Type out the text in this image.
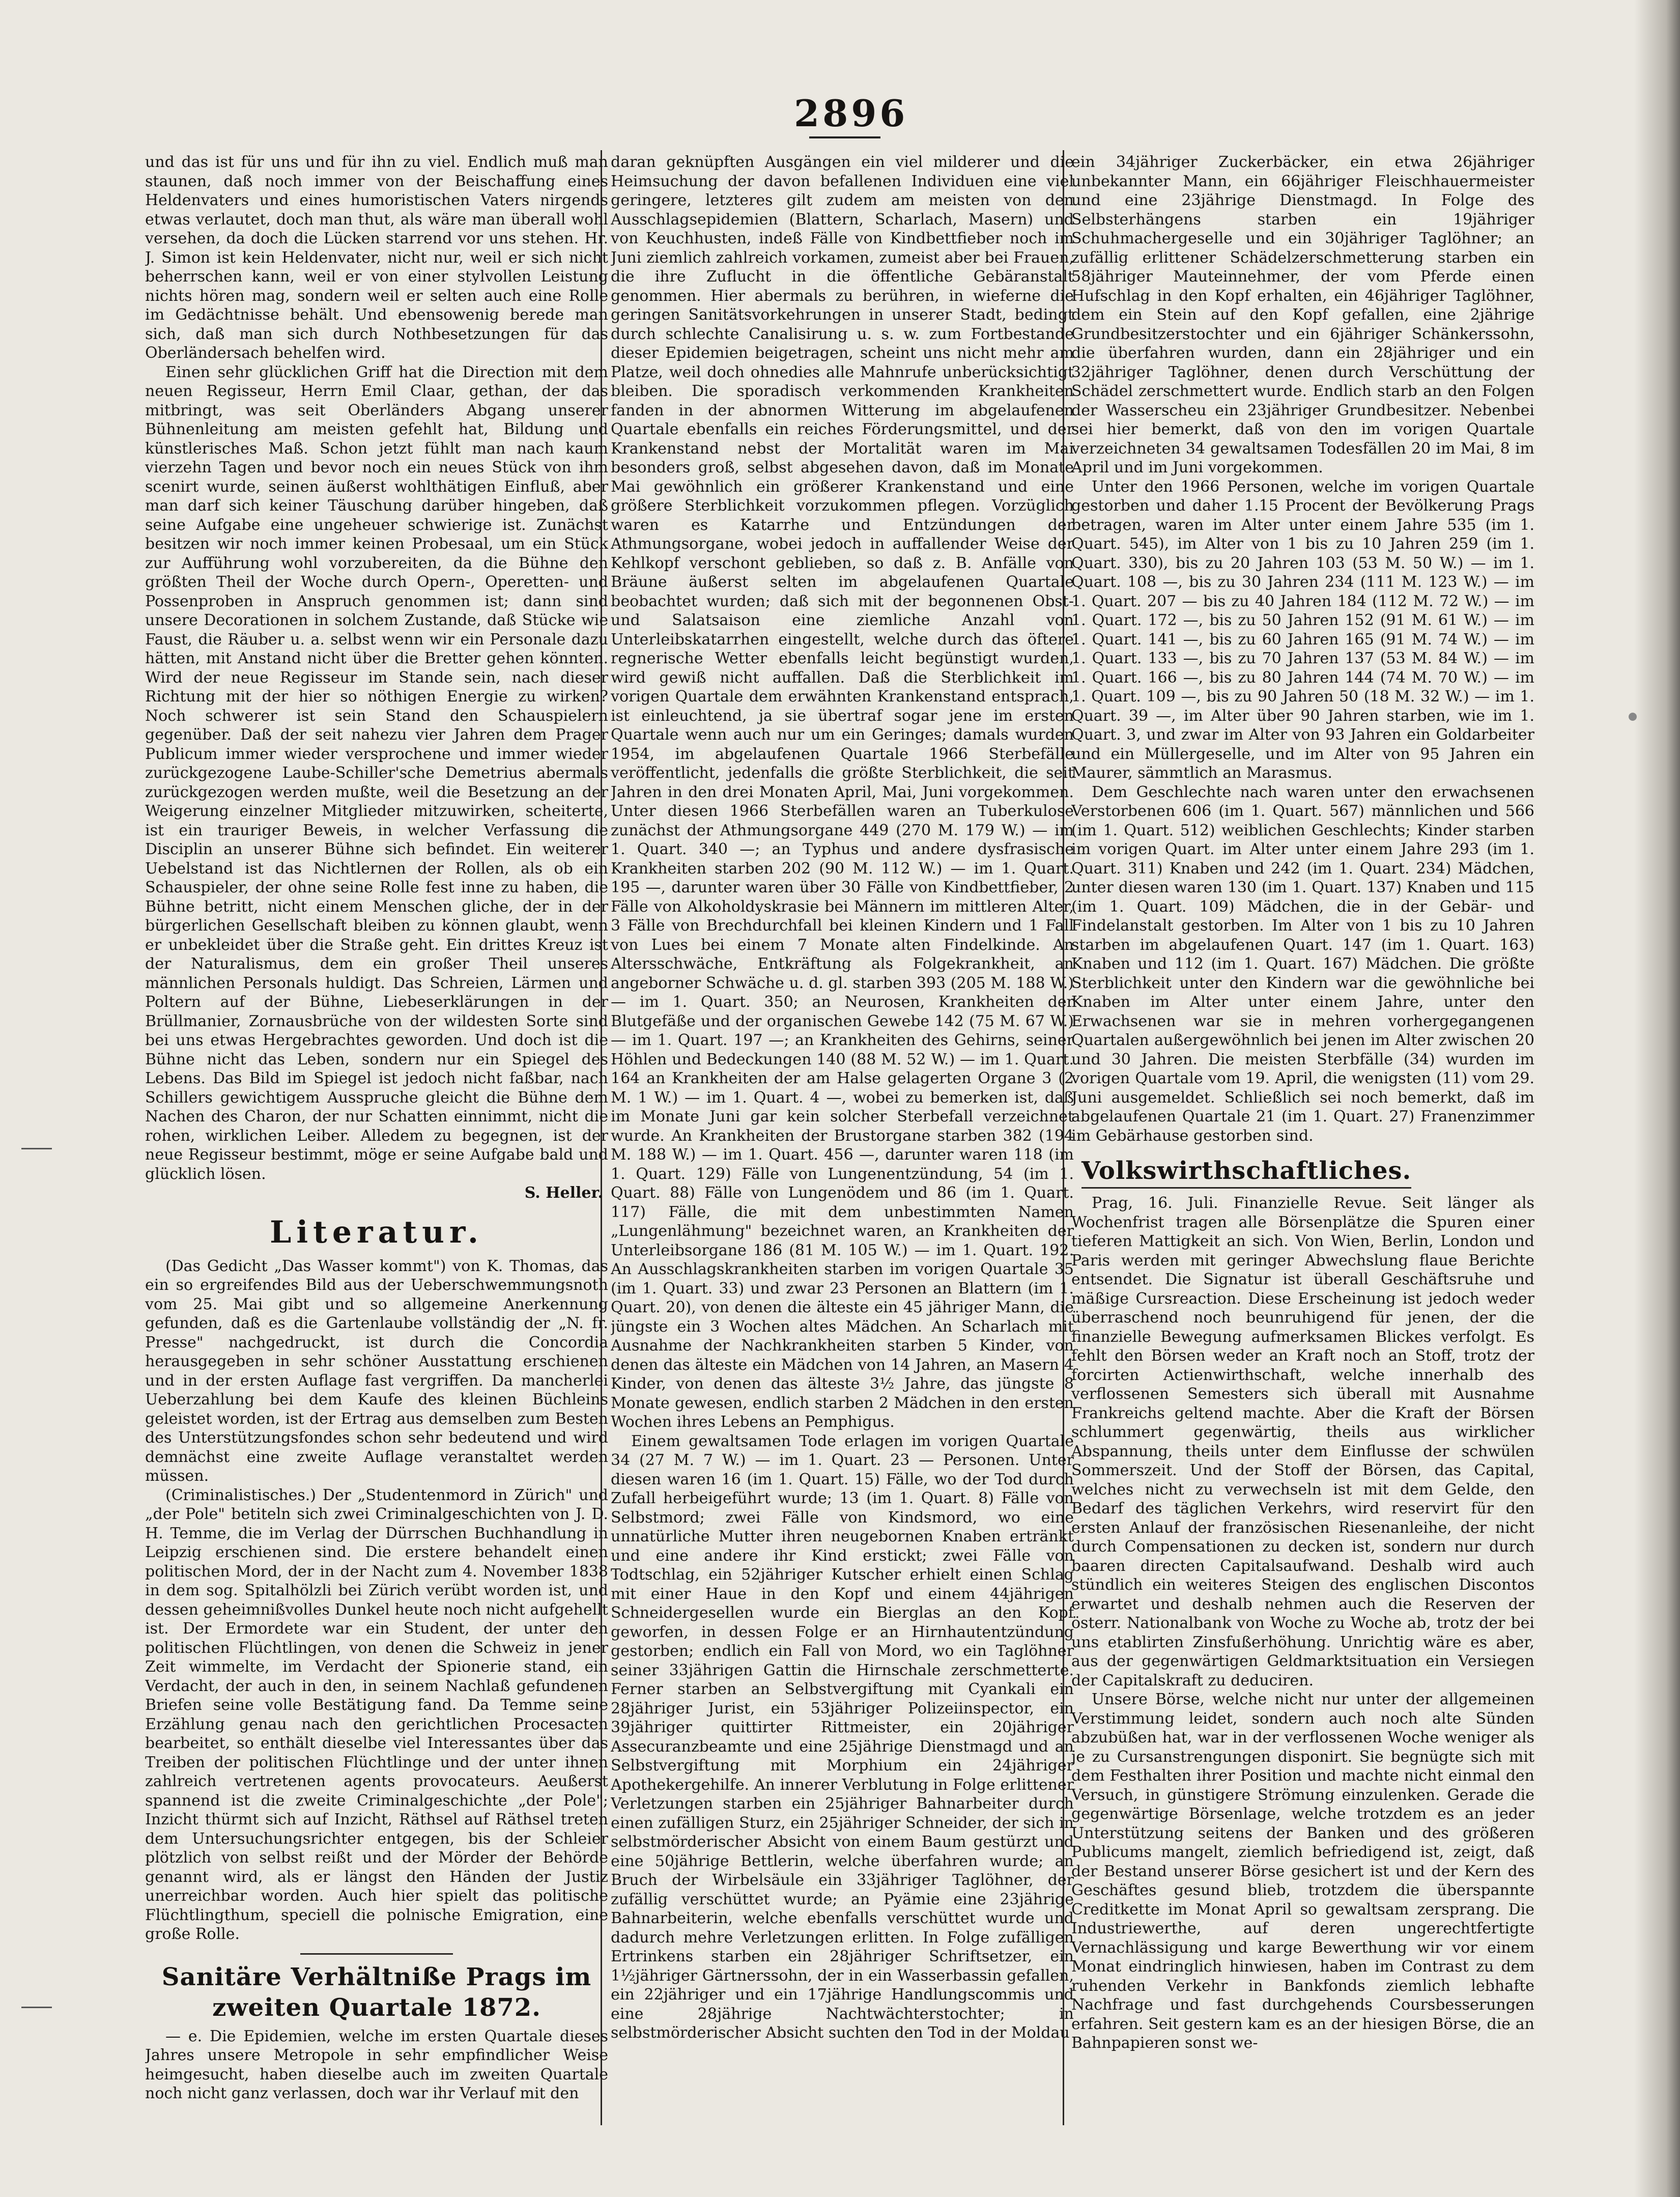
2896

und das ist für uns und für ihn zu viel. Endlich muß man staunen, daß noch immer von der Beischaffung eines Heldenvaters und eines humoristischen Vaters nirgends etwas verlautet, doch man thut, als wäre man überall wohl versehen, da doch die Lücken starrend vor uns stehen. Hr. J. Simon ist kein Heldenvater, nicht nur, weil er sich nicht beherrschen kann, weil er von einer stylvollen Leistung nichts hören mag, sondern weil er selten auch eine Rolle im Gedächtnisse behält. Und ebensowenig berede man sich, daß man sich durch Nothbesetzungen für das Oberländersach behelfen wird.

Einen sehr glücklichen Griff hat die Direction mit dem neuen Regisseur, Herrn Emil Claar, gethan, der das mitbringt, was seit Oberländers Abgang unserer Bühnenleitung am meisten gefehlt hat, Bildung und künstlerisches Maß. Schon jetzt fühlt man nach kaum vierzehn Tagen und bevor noch ein neues Stück von ihm scenirt wurde, seinen äußerst wohlthätigen Einfluß, aber man darf sich keiner Täuschung darüber hingeben, daß seine Aufgabe eine ungeheuer schwierige ist. Zunächst besitzen wir noch immer keinen Probesaal, um ein Stück zur Aufführung wohl vorzubereiten, da die Bühne den größten Theil der Woche durch Opern-, Operetten- und Possenproben in Anspruch genommen ist; dann sind unsere Decorationen in solchem Zustande, daß Stücke wie Faust, die Räuber u. a. selbst wenn wir ein Personale dazu hätten, mit Anstand nicht über die Bretter gehen könnten. Wird der neue Regisseur im Stande sein, nach dieser Richtung mit der hier so nöthigen Energie zu wirken? Noch schwerer ist sein Stand den Schauspielern gegenüber. Daß der seit nahezu vier Jahren dem Prager Publicum immer wieder versprochene und immer wieder zurückgezogene Laube-Schiller'sche Demetrius abermals zurückgezogen werden mußte, weil die Besetzung an der Weigerung einzelner Mitglieder mitzuwirken, scheiterte, ist ein trauriger Beweis, in welcher Verfassung die Disciplin an unserer Bühne sich befindet. Ein weiterer Uebelstand ist das Nichtlernen der Rollen, als ob ein Schauspieler, der ohne seine Rolle fest inne zu haben, die Bühne betritt, nicht einem Menschen gliche, der in der bürgerlichen Gesellschaft bleiben zu können glaubt, wenn er unbekleidet über die Straße geht. Ein drittes Kreuz ist der Naturalismus, dem ein großer Theil unseres männlichen Personals huldigt. Das Schreien, Lärmen und Poltern auf der Bühne, Liebeserklärungen in der Brüllmanier, Zornausbrüche von der wildesten Sorte sind bei uns etwas Hergebrachtes geworden. Und doch ist die Bühne nicht das Leben, sondern nur ein Spiegel des Lebens. Das Bild im Spiegel ist jedoch nicht faßbar, nach Schillers gewichtigem Ausspruche gleicht die Bühne dem Nachen des Charon, der nur Schatten einnimmt, nicht die rohen, wirklichen Leiber. Alledem zu begegnen, ist der neue Regisseur bestimmt, möge er seine Aufgabe bald und glücklich lösen.

S. Heller.
Literatur.

(Das Gedicht „Das Wasser kommt") von K. Thomas, das ein so ergreifendes Bild aus der Ueberschwemmungsnoth vom 25. Mai gibt und so allgemeine Anerkennung gefunden, daß es die Gartenlaube vollständig der „N. fr. Presse" nachgedruckt, ist durch die Concordia herausgegeben in sehr schöner Ausstattung erschienen und in der ersten Auflage fast vergriffen. Da mancherlei Ueberzahlung bei dem Kaufe des kleinen Büchleins geleistet worden, ist der Ertrag aus demselben zum Besten des Unterstützungsfondes schon sehr bedeutend und wird demnächst eine zweite Auflage veranstaltet werden müssen.

(Criminalistisches.) Der „Studentenmord in Zürich" und „der Pole" betiteln sich zwei Criminalgeschichten von J. D. H. Temme, die im Verlag der Dürrschen Buchhandlung in Leipzig erschienen sind. Die erstere behandelt einen politischen Mord, der in der Nacht zum 4. November 1838 in dem sog. Spitalhölzli bei Zürich verübt worden ist, und dessen geheimnißvolles Dunkel heute noch nicht aufgehellt ist. Der Ermordete war ein Student, der unter den politischen Flüchtlingen, von denen die Schweiz in jener Zeit wimmelte, im Verdacht der Spionerie stand, ein Verdacht, der auch in den, in seinem Nachlaß gefundenen Briefen seine volle Bestätigung fand. Da Temme seine Erzählung genau nach den gerichtlichen Procesacten bearbeitet, so enthält dieselbe viel Interessantes über das Treiben der politischen Flüchtlinge und der unter ihnen zahlreich vertretenen agents provocateurs. Aeußerst spannend ist die zweite Criminalgeschichte „der Pole"; Inzicht thürmt sich auf Inzicht, Räthsel auf Räthsel treten dem Untersuchungsrichter entgegen, bis der Schleier plötzlich von selbst reißt und der Mörder der Behörde genannt wird, als er längst den Händen der Justiz unerreichbar worden. Auch hier spielt das politische Flüchtlingthum, speciell die polnische Emigration, eine große Rolle.

Sanitäre Verhältniße Prags im zweiten Quartale 1872.

— e. Die Epidemien, welche im ersten Quartale dieses Jahres unsere Metropole in sehr empfindlicher Weise heimgesucht, haben dieselbe auch im zweiten Quartale noch nicht ganz verlassen, doch war ihr Verlauf mit den

daran geknüpften Ausgängen ein viel milderer und die Heimsuchung der davon befallenen Individuen eine viel geringere, letzteres gilt zudem am meisten von den Ausschlagsepidemien (Blattern, Scharlach, Masern) und von Keuchhusten, indeß Fälle von Kindbettfieber noch im Juni ziemlich zahlreich vorkamen, zumeist aber bei Frauen, die ihre Zuflucht in die öffentliche Gebäranstalt genommen. Hier abermals zu berühren, in wieferne die geringen Sanitätsvorkehrungen in unserer Stadt, bedingt durch schlechte Canalisirung u. s. w. zum Fortbestande dieser Epidemien beigetragen, scheint uns nicht mehr am Platze, weil doch ohnedies alle Mahnrufe unberücksichtigt bleiben. Die sporadisch verkommenden Krankheiten fanden in der abnormen Witterung im abgelaufenen Quartale ebenfalls ein reiches Förderungsmittel, und der Krankenstand nebst der Mortalität waren im Mai besonders groß, selbst abgesehen davon, daß im Monate Mai gewöhnlich ein größerer Krankenstand und eine größere Sterblichkeit vorzukommen pflegen. Vorzüglich waren es Katarrhe und Entzündungen der Athmungsorgane, wobei jedoch in auffallender Weise der Kehlkopf verschont geblieben, so daß z. B. Anfälle von Bräune äußerst selten im abgelaufenen Quartale beobachtet wurden; daß sich mit der begonnenen Obst- und Salatsaison eine ziemliche Anzahl von Unterleibskatarrhen eingestellt, welche durch das öftere regnerische Wetter ebenfalls leicht begünstigt wurden, wird gewiß nicht auffallen. Daß die Sterblichkeit im vorigen Quartale dem erwähnten Krankenstand entsprach, ist einleuchtend, ja sie übertraf sogar jene im ersten Quartale wenn auch nur um ein Geringes; damals wurden 1954, im abgelaufenen Quartale 1966 Sterbefälle veröffentlicht, jedenfalls die größte Sterblichkeit, die seit Jahren in den drei Monaten April, Mai, Juni vorgekommen. Unter diesen 1966 Sterbefällen waren an Tuberkulose zunächst der Athmungsorgane 449 (270 M. 179 W.) — im 1. Quart. 340 —; an Typhus und andere dysfrasische Krankheiten starben 202 (90 M. 112 W.) — im 1. Quart. 195 —, darunter waren über 30 Fälle von Kindbettfieber, 2 Fälle von Alkoholdyskrasie bei Männern im mittleren Alter, 3 Fälle von Brechdurchfall bei kleinen Kindern und 1 Fall von Lues bei einem 7 Monate alten Findelkinde. An Altersschwäche, Entkräftung als Folgekrankheit, an angeborner Schwäche u. d. gl. starben 393 (205 M. 188 W.) — im 1. Quart. 350; an Neurosen, Krankheiten der Blutgefäße und der organischen Gewebe 142 (75 M. 67 W.) — im 1. Quart. 197 —; an Krankheiten des Gehirns, seiner Höhlen und Bedeckungen 140 (88 M. 52 W.) — im 1. Quart. 164 an Krankheiten der am Halse gelagerten Organe 3 (2 M. 1 W.) — im 1. Quart. 4 —, wobei zu bemerken ist, daß im Monate Juni gar kein solcher Sterbefall verzeichnet wurde. An Krankheiten der Brustorgane starben 382 (194 M. 188 W.) — im 1. Quart. 456 —, darunter waren 118 (im 1. Quart. 129) Fälle von Lungenentzündung, 54 (im 1. Quart. 88) Fälle von Lungenödem und 86 (im 1. Quart. 117) Fälle, die mit dem unbestimmten Namen „Lungenlähmung" bezeichnet waren, an Krankheiten der Unterleibsorgane 186 (81 M. 105 W.) — im 1. Quart. 192. An Ausschlagskrankheiten starben im vorigen Quartale 35 (im 1. Quart. 33) und zwar 23 Personen an Blattern (im 1. Quart. 20), von denen die älteste ein 45 jähriger Mann, die jüngste ein 3 Wochen altes Mädchen. An Scharlach mit Ausnahme der Nachkrankheiten starben 5 Kinder, von denen das älteste ein Mädchen von 14 Jahren, an Masern 4 Kinder, von denen das älteste 3½ Jahre, das jüngste 8 Monate gewesen, endlich starben 2 Mädchen in den ersten Wochen ihres Lebens an Pemphigus.

Einem gewaltsamen Tode erlagen im vorigen Quartale 34 (27 M. 7 W.) — im 1. Quart. 23 — Personen. Unter diesen waren 16 (im 1. Quart. 15) Fälle, wo der Tod durch Zufall herbeigeführt wurde; 13 (im 1. Quart. 8) Fälle von Selbstmord; zwei Fälle von Kindsmord, wo eine unnatürliche Mutter ihren neugebornen Knaben ertränkt und eine andere ihr Kind erstickt; zwei Fälle von Todtschlag, ein 52jähriger Kutscher erhielt einen Schlag mit einer Haue in den Kopf und einem 44jährigen Schneidergesellen wurde ein Bierglas an den Kopf geworfen, in dessen Folge er an Hirnhautentzündung gestorben; endlich ein Fall von Mord, wo ein Taglöhner seiner 33jährigen Gattin die Hirnschale zerschmetterte. Ferner starben an Selbstvergiftung mit Cyankali ein 28jähriger Jurist, ein 53jähriger Polizeiinspector, ein 39jähriger quittirter Rittmeister, ein 20jähriger Assecuranzbeamte und eine 25jährige Dienstmagd und an Selbstvergiftung mit Morphium ein 24jähriger Apothekergehilfe. An innerer Verblutung in Folge erlittener Verletzungen starben ein 25jähriger Bahnarbeiter durch einen zufälligen Sturz, ein 25jähriger Schneider, der sich in selbstmörderischer Absicht von einem Baum gestürzt und eine 50jährige Bettlerin, welche überfahren wurde; an Bruch der Wirbelsäule ein 33jähriger Taglöhner, der zufällig verschüttet wurde; an Pyämie eine 23jährige Bahnarbeiterin, welche ebenfalls verschüttet wurde und dadurch mehre Verletzungen erlitten. In Folge zufälligen Ertrinkens starben ein 28jähriger Schriftsetzer, ein 1½jähriger Gärtnerssohn, der in ein Wasserbassin gefallen, ein 22jähriger und ein 17jährige Handlungscommis und eine 28jährige Nachtwächterstochter; in selbstmörderischer Absicht suchten den Tod in der Moldau

ein 34jähriger Zuckerbäcker, ein etwa 26jähriger unbekannter Mann, ein 66jähriger Fleischhauermeister und eine 23jährige Dienstmagd. In Folge des Selbsterhängens starben ein 19jähriger Schuhmachergeselle und ein 30jähriger Taglöhner; an zufällig erlittener Schädelzerschmetterung starben ein 58jähriger Mauteinnehmer, der vom Pferde einen Hufschlag in den Kopf erhalten, ein 46jähriger Taglöhner, dem ein Stein auf den Kopf gefallen, eine 2jährige Grundbesitzerstochter und ein 6jähriger Schänkerssohn, die überfahren wurden, dann ein 28jähriger und ein 32jähriger Taglöhner, denen durch Verschüttung der Schädel zerschmettert wurde. Endlich starb an den Folgen der Wasserscheu ein 23jähriger Grundbesitzer. Nebenbei sei hier bemerkt, daß von den im vorigen Quartale verzeichneten 34 gewaltsamen Todesfällen 20 im Mai, 8 im April und im Juni vorgekommen.

Unter den 1966 Personen, welche im vorigen Quartale gestorben und daher 1.15 Procent der Bevölkerung Prags betragen, waren im Alter unter einem Jahre 535 (im 1. Quart. 545), im Alter von 1 bis zu 10 Jahren 259 (im 1. Quart. 330), bis zu 20 Jahren 103 (53 M. 50 W.) — im 1. Quart. 108 —, bis zu 30 Jahren 234 (111 M. 123 W.) — im 1. Quart. 207 — bis zu 40 Jahren 184 (112 M. 72 W.) — im 1. Quart. 172 —, bis zu 50 Jahren 152 (91 M. 61 W.) — im 1. Quart. 141 —, bis zu 60 Jahren 165 (91 M. 74 W.) — im 1. Quart. 133 —, bis zu 70 Jahren 137 (53 M. 84 W.) — im 1. Quart. 166 —, bis zu 80 Jahren 144 (74 M. 70 W.) — im 1. Quart. 109 —, bis zu 90 Jahren 50 (18 M. 32 W.) — im 1. Quart. 39 —, im Alter über 90 Jahren starben, wie im 1. Quart. 3, und zwar im Alter von 93 Jahren ein Goldarbeiter und ein Müllergeselle, und im Alter von 95 Jahren ein Maurer, sämmtlich an Marasmus.

Dem Geschlechte nach waren unter den erwachsenen Verstorbenen 606 (im 1. Quart. 567) männlichen und 566 (im 1. Quart. 512) weiblichen Geschlechts; Kinder starben im vorigen Quart. im Alter unter einem Jahre 293 (im 1. Quart. 311) Knaben und 242 (im 1. Quart. 234) Mädchen, unter diesen waren 130 (im 1. Quart. 137) Knaben und 115 (im 1. Quart. 109) Mädchen, die in der Gebär- und Findelanstalt gestorben. Im Alter von 1 bis zu 10 Jahren starben im abgelaufenen Quart. 147 (im 1. Quart. 163) Knaben und 112 (im 1. Quart. 167) Mädchen. Die größte Sterblichkeit unter den Kindern war die gewöhnliche bei Knaben im Alter unter einem Jahre, unter den Erwachsenen war sie in mehren vorhergegangenen Quartalen außergewöhnlich bei jenen im Alter zwischen 20 und 30 Jahren. Die meisten Sterbfälle (34) wurden im vorigen Quartale vom 19. April, die wenigsten (11) vom 29. Juni ausgemeldet. Schließlich sei noch bemerkt, daß im abgelaufenen Quartale 21 (im 1. Quart. 27) Franenzimmer im Gebärhause gestorben sind.

Volkswirthschaftliches.

Prag, 16. Juli. Finanzielle Revue. Seit länger als Wochenfrist tragen alle Börsenplätze die Spuren einer tieferen Mattigkeit an sich. Von Wien, Berlin, London und Paris werden mit geringer Abwechslung flaue Berichte entsendet. Die Signatur ist überall Geschäftsruhe und mäßige Cursreaction. Diese Erscheinung ist jedoch weder überraschend noch beunruhigend für jenen, der die finanzielle Bewegung aufmerksamen Blickes verfolgt. Es fehlt den Börsen weder an Kraft noch an Stoff, trotz der forcirten Actienwirthschaft, welche innerhalb des verflossenen Semesters sich überall mit Ausnahme Frankreichs geltend machte. Aber die Kraft der Börsen schlummert gegenwärtig, theils aus wirklicher Abspannung, theils unter dem Einflusse der schwülen Sommerszeit. Und der Stoff der Börsen, das Capital, welches nicht zu verwechseln ist mit dem Gelde, den Bedarf des täglichen Verkehrs, wird reservirt für den ersten Anlauf der französischen Riesenanleihe, der nicht durch Compensationen zu decken ist, sondern nur durch baaren directen Capitalsaufwand. Deshalb wird auch stündlich ein weiteres Steigen des englischen Discontos erwartet und deshalb nehmen auch die Reserven der österr. Nationalbank von Woche zu Woche ab, trotz der bei uns etablirten Zinsfußerhöhung. Unrichtig wäre es aber, aus der gegenwärtigen Geldmarktsituation ein Versiegen der Capitalskraft zu deduciren.

Unsere Börse, welche nicht nur unter der allgemeinen Verstimmung leidet, sondern auch noch alte Sünden abzubüßen hat, war in der verflossenen Woche weniger als je zu Cursanstrengungen disponirt. Sie begnügte sich mit dem Festhalten ihrer Position und machte nicht einmal den Versuch, in günstigere Strömung einzulenken. Gerade die gegenwärtige Börsenlage, welche trotzdem es an jeder Unterstützung seitens der Banken und des größeren Publicums mangelt, ziemlich befriedigend ist, zeigt, daß der Bestand unserer Börse gesichert ist und der Kern des Geschäftes gesund blieb, trotzdem die überspannte Creditkette im Monat April so gewaltsam zersprang. Die Industriewerthe, auf deren ungerechtfertigte Vernachlässigung und karge Bewerthung wir vor einem Monat eindringlich hinwiesen, haben im Contrast zu dem ruhenden Verkehr in Bankfonds ziemlich lebhafte Nachfrage und fast durchgehends Coursbesserungen erfahren. Seit gestern kam es an der hiesigen Börse, die an Bahnpapieren sonst we-
